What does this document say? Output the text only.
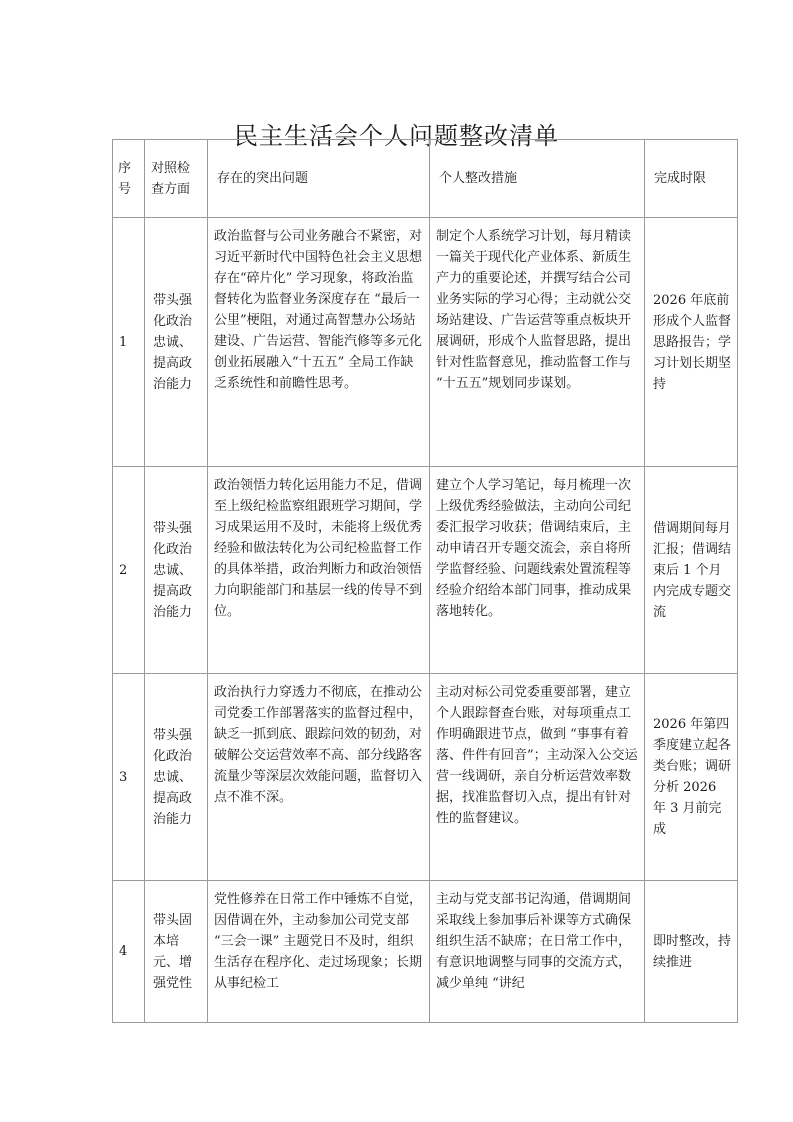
民主生活会个人问题整改清单
序号	对照检查方面	存在的突出问题	个人整改措施	完成时限
1	带头强化政治忠诚、提高政治能力	政治监督与公司业务融合不紧密，对习近平新时代中国特色社会主义思想存在“碎片化” 学习现象，将政治监督转化为监督业务深度存在 “最后一公里”梗阻，对通过高智慧办公场站建设、广告运营、智能汽修等多元化创业拓展融入“十五五” 全局工作缺乏系统性和前瞻性思考。	制定个人系统学习计划，每月精读一篇关于现代化产业体系、新质生产力的重要论述，并撰写结合公司业务实际的学习心得；主动就公交场站建设、广告运营等重点板块开展调研，形成个人监督思路，提出针对性监督意见，推动监督工作与 “十五五”规划同步谋划。	2026 年底前形成个人监督思路报告；学习计划长期坚持
2	带头强化政治忠诚、提高政治能力	政治领悟力转化运用能力不足，借调至上级纪检监察组跟班学习期间，学习成果运用不及时，未能将上级优秀经验和做法转化为公司纪检监督工作的具体举措，政治判断力和政治领悟力向职能部门和基层一线的传导不到位。	建立个人学习笔记，每月梳理一次上级优秀经验做法，主动向公司纪委汇报学习收获；借调结束后，主动申请召开专题交流会，亲自将所学监督经验、问题线索处置流程等经验介绍给本部门同事，推动成果落地转化。	借调期间每月汇报；借调结束后 1 个月内完成专题交流
3	带头强化政治忠诚、提高政治能力	政治执行力穿透力不彻底，在推动公司党委工作部署落实的监督过程中，缺乏一抓到底、跟踪问效的韧劲，对破解公交运营效率不高、部分线路客流量少等深层次效能问题，监督切入点不准不深。	主动对标公司党委重要部署，建立个人跟踪督查台账，对每项重点工作明确跟进节点，做到 “事事有着落、件件有回音”；主动深入公交运营一线调研，亲自分析运营效率数据，找准监督切入点，提出有针对性的监督建议。	2026 年第四季度建立起各类台账；调研分析 2026 年 3 月前完成
4	带头固本培元、增强党性	党性修养在日常工作中锤炼不自觉，因借调在外，主动参加公司党支部 “三会一课” 主题党日不及时，组织生活存在程序化、走过场现象；长期从事纪检工	主动与党支部书记沟通，借调期间采取线上参加事后补课等方式确保组织生活不缺席；在日常工作中，有意识地调整与同事的交流方式，减少单纯 “讲纪	即时整改，持续推进
